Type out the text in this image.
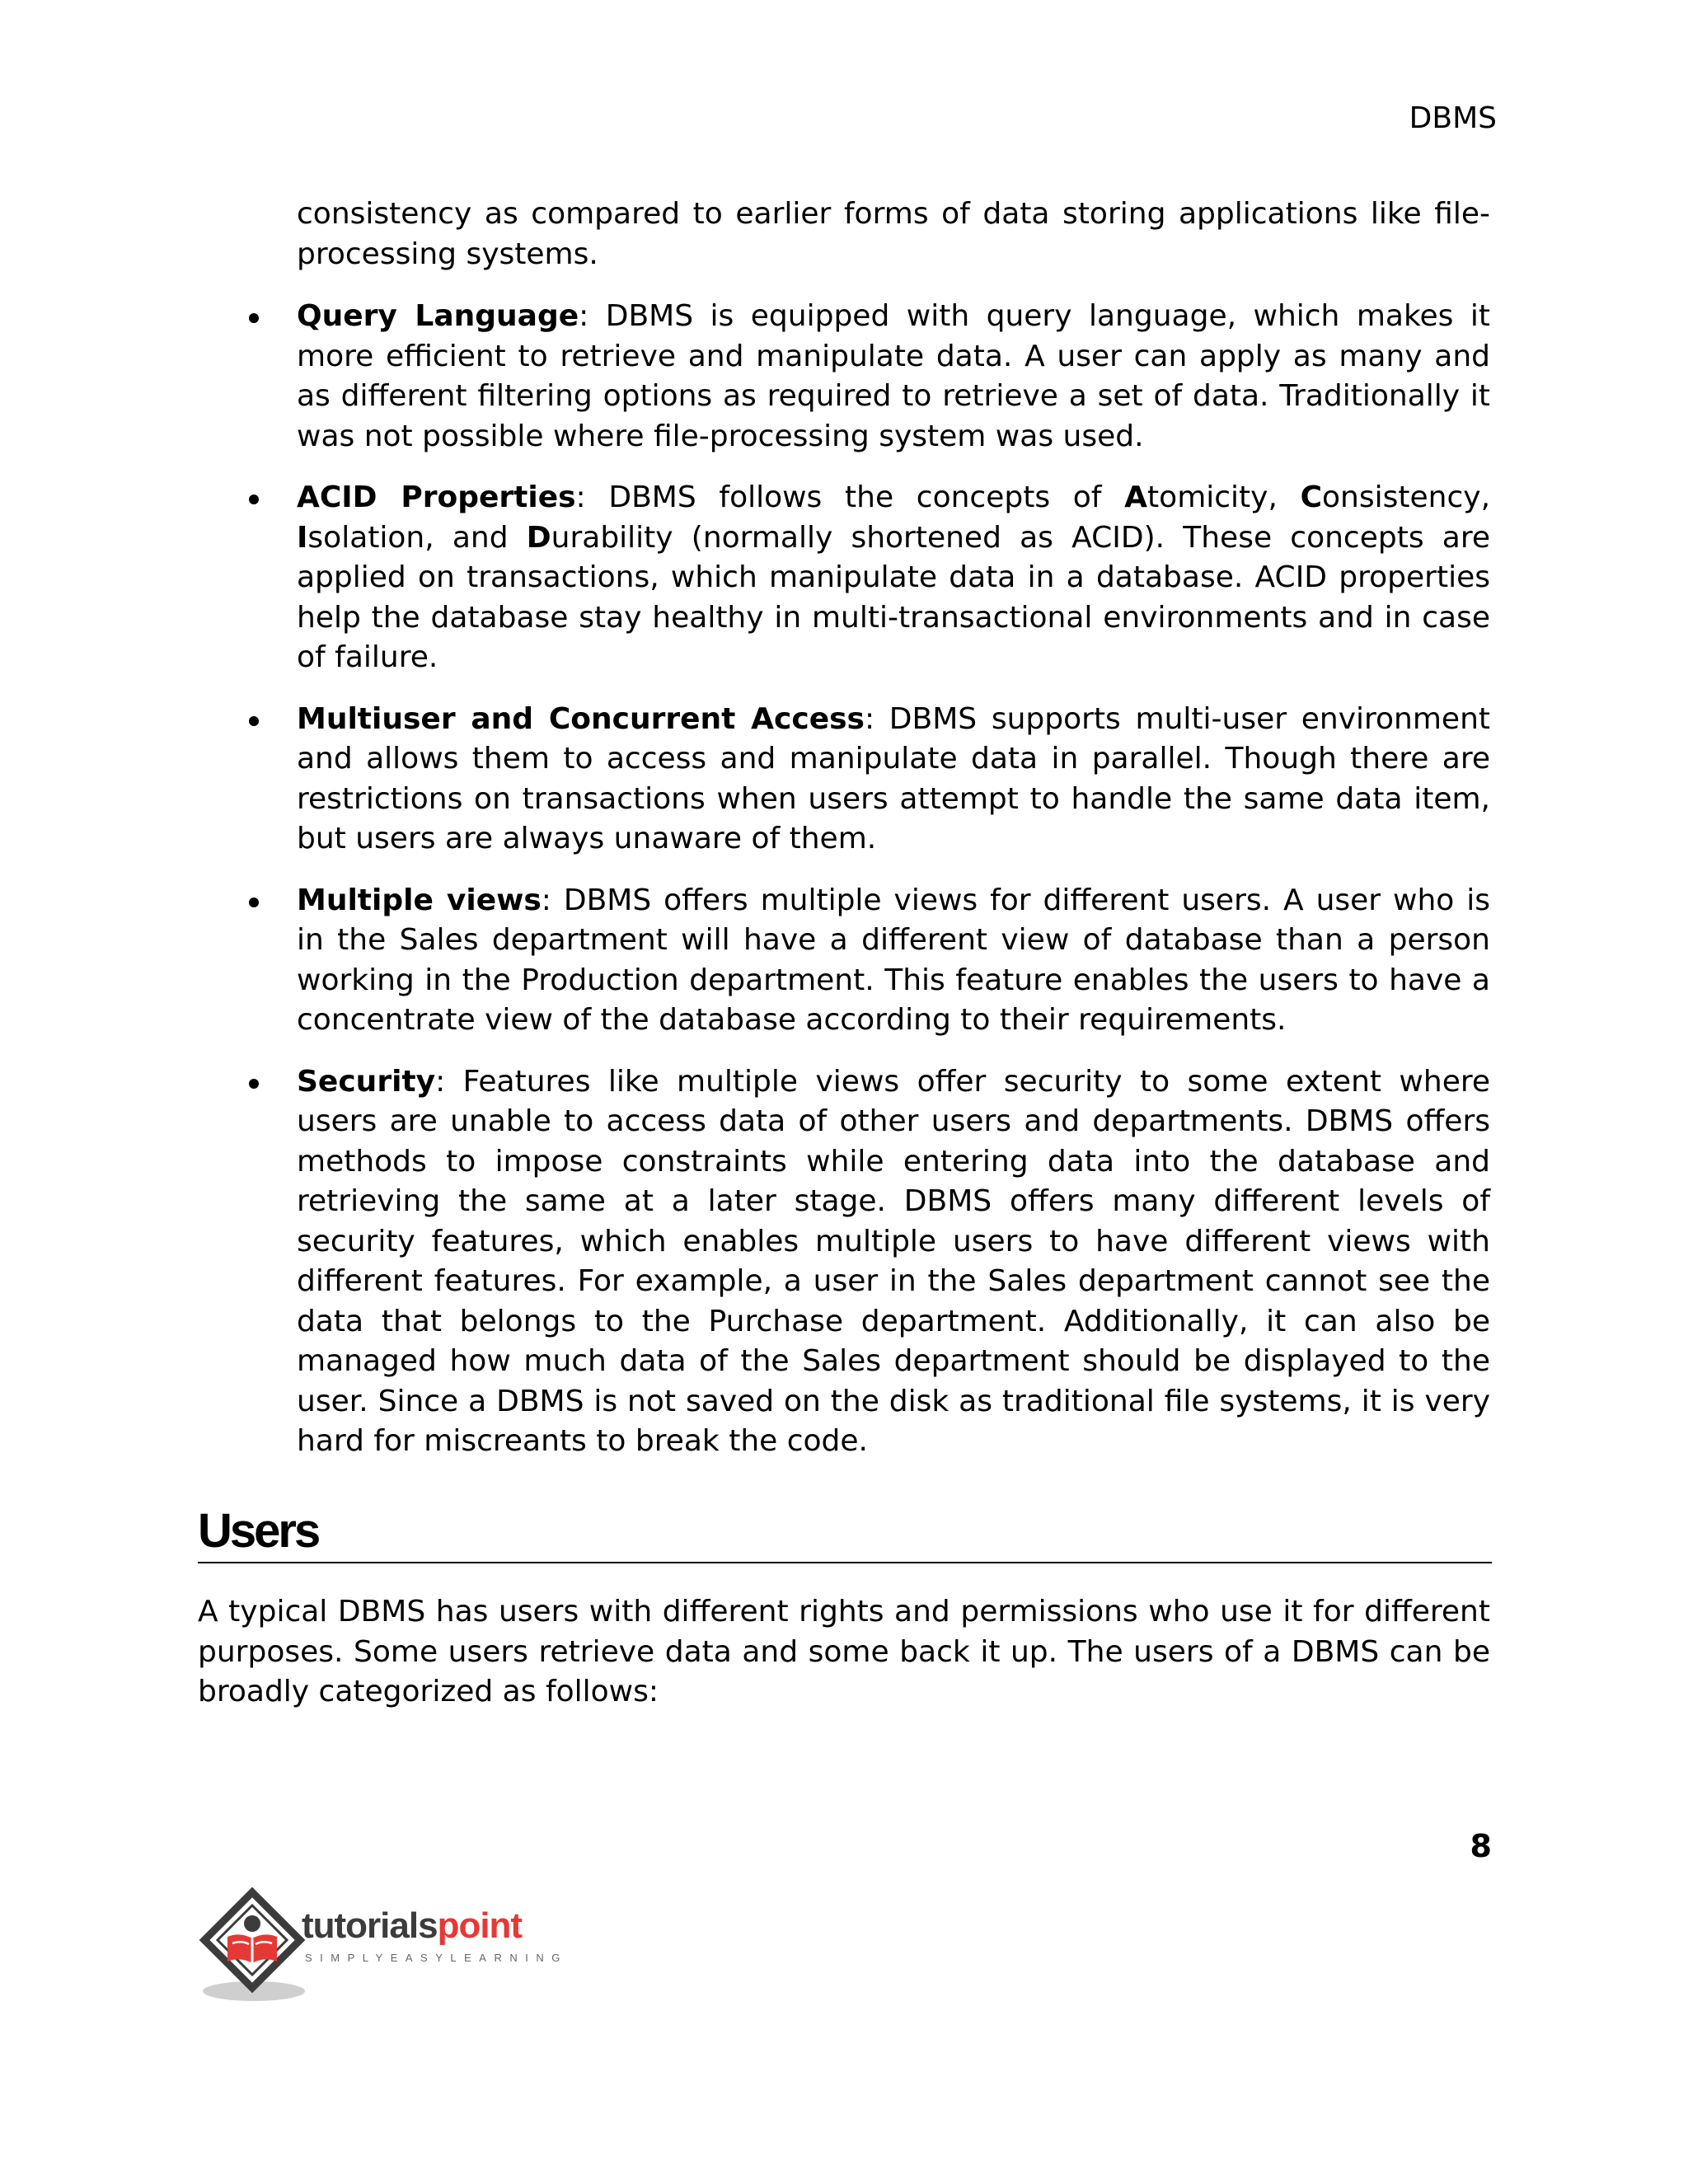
DBMS

consistency as compared to earlier forms of data storing applications like file-processing systems.

Query Language: DBMS is equipped with query language, which makes it more efficient to retrieve and manipulate data. A user can apply as many and as different filtering options as required to retrieve a set of data. Traditionally it was not possible where file-processing system was used.
ACID Properties: DBMS follows the concepts of Atomicity, Consistency, Isolation, and Durability (normally shortened as ACID). These concepts are applied on transactions, which manipulate data in a database. ACID properties help the database stay healthy in multi-transactional environments and in case of failure.
Multiuser and Concurrent Access: DBMS supports multi-user environment and allows them to access and manipulate data in parallel. Though there are restrictions on transactions when users attempt to handle the same data item, but users are always unaware of them.
Multiple views: DBMS offers multiple views for different users. A user who is in the Sales department will have a different view of database than a person working in the Production department. This feature enables the users to have a concentrate view of the database according to their requirements.
Security: Features like multiple views offer security to some extent where users are unable to access data of other users and departments. DBMS offers methods to impose constraints while entering data into the database and retrieving the same at a later stage. DBMS offers many different levels of security features, which enables multiple users to have different views with different features. For example, a user in the Sales department cannot see the data that belongs to the Purchase department. Additionally, it can also be managed how much data of the Sales department should be displayed to the user. Since a DBMS is not saved on the disk as traditional file systems, it is very hard for miscreants to break the code.
Users

A typical DBMS has users with different rights and permissions who use it for different purposes. Some users retrieve data and some back it up. The users of a DBMS can be broadly categorized as follows:

8
tutorialspoint
SIMPLYEASYLEARNING
